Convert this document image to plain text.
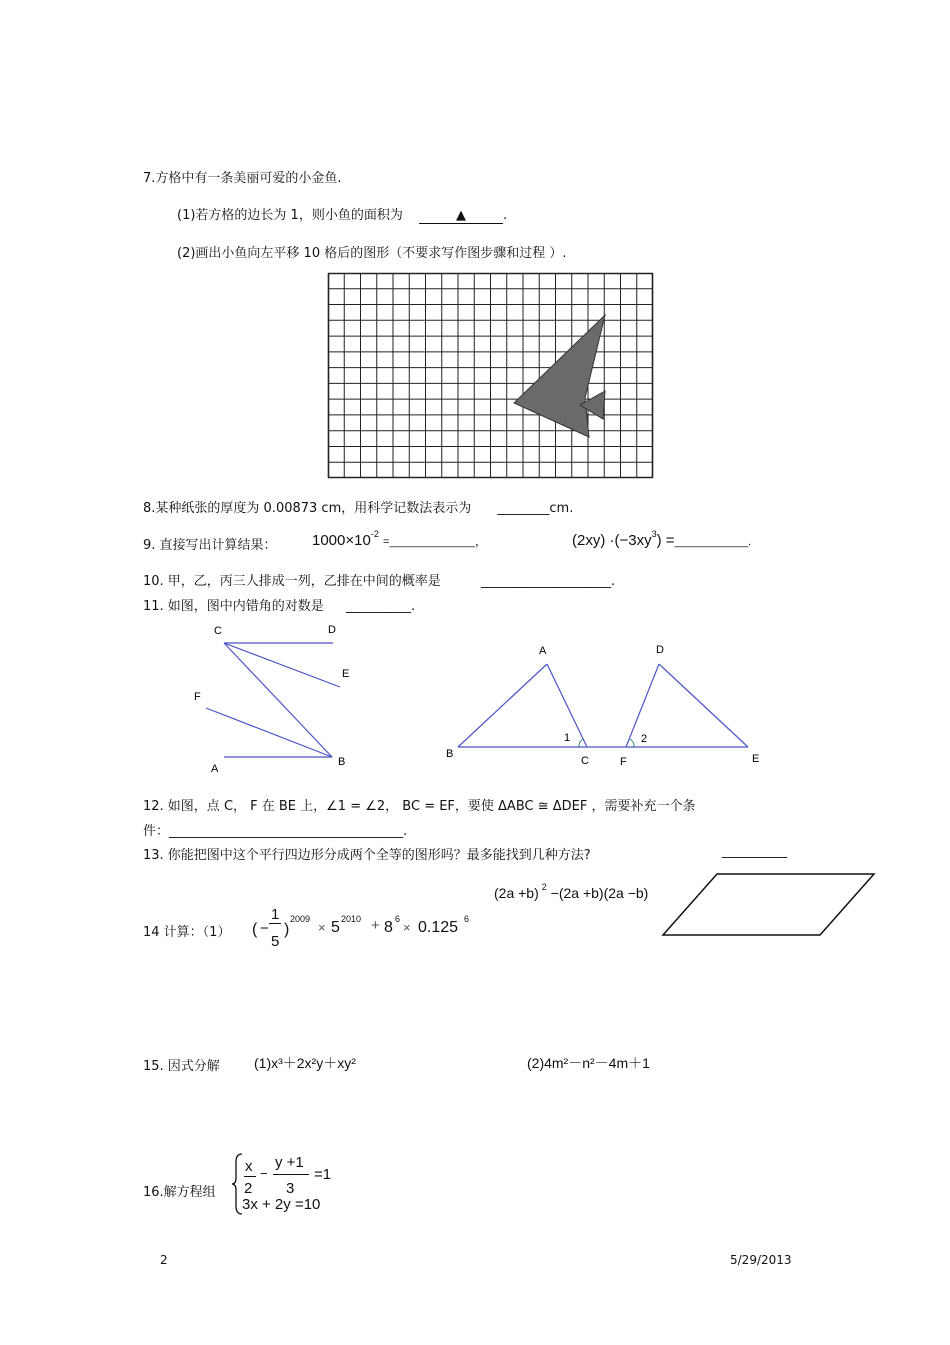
7.方格中有一条美丽可爱的小金鱼.
(1)若方格的边长为 1，则小鱼的面积为	▲	.
(2)画出小鱼向左平移 10 格后的图形（不要求写作图步骤和过程 ）.
8.某种纸张的厚度为 0.00873 cm，用科学记数法表示为 ________cm.
9. 直接写出计算结果： $1000\times 10^{-2}$ =______________，	$(2xy) \cdot(-3xy^3)$ =____________.
10. 甲，乙，丙三人排成一列，乙排在中间的概率是	____________________.
11. 如图，图中内错角的对数是 __________.
C	D
E
F
A
B
A	D
B
C	F	E
1	2
12. 如图，点 C， F 在 BE 上，∠1 = ∠2， BC = EF，要使 ΔABC ≅ ΔDEF ，需要补充一个条
件：____________________________________.
13. 你能把图中这个平行四边形分成两个全等的图形吗？最多能找到几种方法?	__________
(2a +b) $^2$ −(2a +b)(2a −b)
14 计算：（1） ( −
1
5
)
2009
× 5 2010 + 8 6
× 0.125 6
15. 因式分解 (1)x³＋2x²y＋xy²	(2)4m²－n²－4m＋1
16.解方程组
x
2
−
y +1
3
=1
3x + 2y =10
2	5/29/2013
